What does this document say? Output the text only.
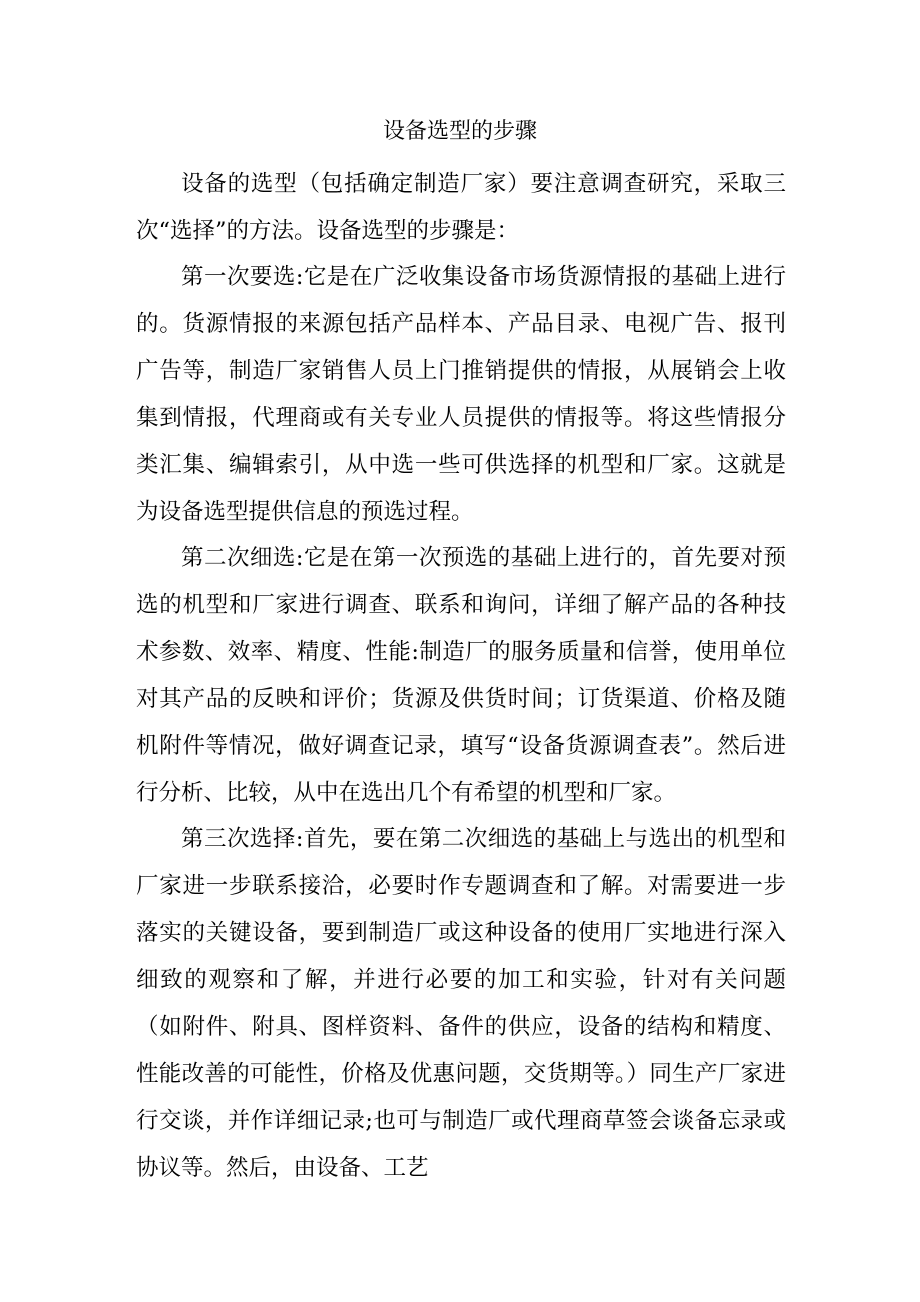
设备选型的步骤

设备的选型（包括确定制造厂家）要注意调查研究，采取三次“选择”的方法。设备选型的步骤是：

第一次要选:它是在广泛收集设备市场货源情报的基础上进行的。货源情报的来源包括产品样本、产品目录、电视广告、报刊广告等，制造厂家销售人员上门推销提供的情报，从展销会上收集到情报，代理商或有关专业人员提供的情报等。将这些情报分类汇集、编辑索引，从中选一些可供选择的机型和厂家。这就是为设备选型提供信息的预选过程。

第二次细选:它是在第一次预选的基础上进行的，首先要对预选的机型和厂家进行调查、联系和询问，详细了解产品的各种技术参数、效率、精度、性能:制造厂的服务质量和信誉，使用单位对其产品的反映和评价；货源及供货时间；订货渠道、价格及随机附件等情况，做好调查记录，填写“设备货源调查表”。然后进行分析、比较，从中在选出几个有希望的机型和厂家。

第三次选择:首先，要在第二次细选的基础上与选出的机型和厂家进一步联系接洽，必要时作专题调查和了解。对需要进一步落实的关键设备，要到制造厂或这种设备的使用厂实地进行深入细致的观察和了解，并进行必要的加工和实验，针对有关问题（如附件、附具、图样资料、备件的供应，设备的结构和精度、性能改善的可能性，价格及优惠问题，交货期等。）同生产厂家进行交谈，并作详细记录;也可与制造厂或代理商草签会谈备忘录或协议等。然后，由设备、工艺
